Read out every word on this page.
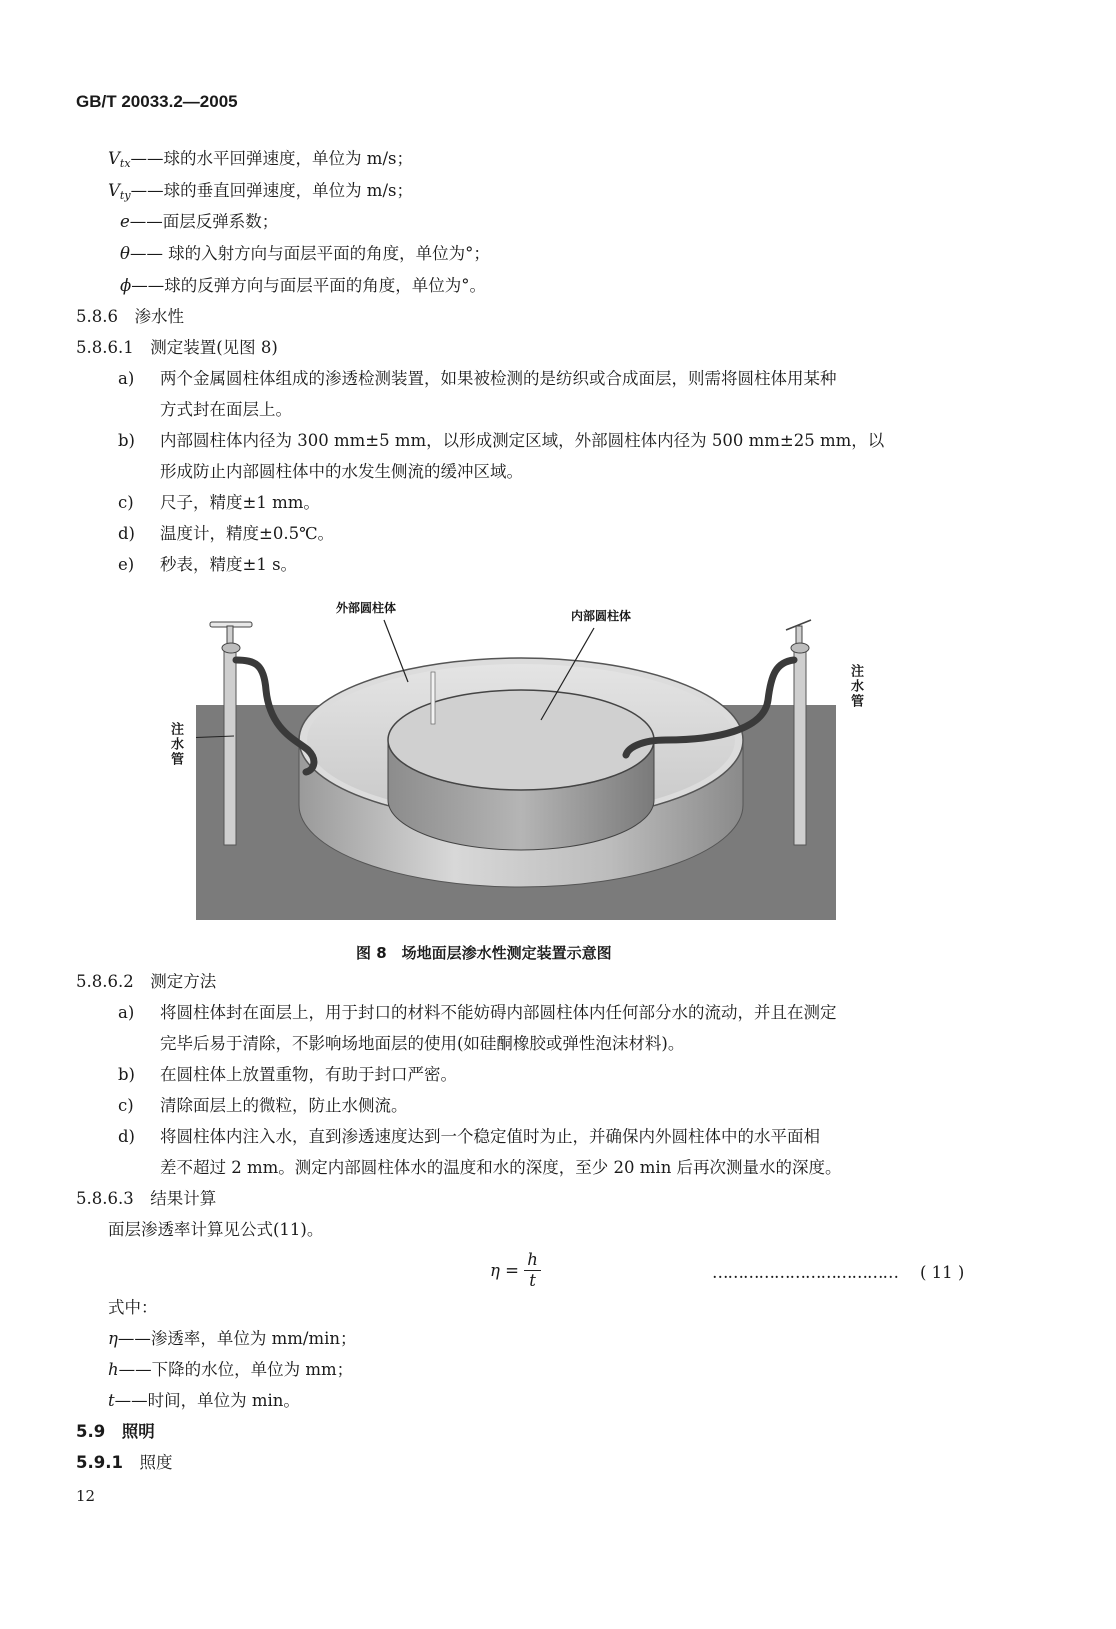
GB/T 20033.2—2005
$V_{tx}——$球的水平回弹速度，单位为 m/s；
$V_{ty}——$球的垂直回弹速度，单位为 m/s；
e——面层反弹系数；
θ—— 球的入射方向与面层平面的角度，单位为°；
ϕ——球的反弹方向与面层平面的角度，单位为°。
5.8.6　 渗水性
5.8.6.1　 测定装置(见图 8)
a) 两个金属圆柱体组成的渗透检测装置，如果被检测的是纺织或合成面层，则需将圆柱体用某种
方式封在面层上。
b) 内部圆柱体内径为 300 mm±5 mm，以形成测定区域，外部圆柱体内径为 500 mm±25 mm，以
形成防止内部圆柱体中的水发生侧流的缓冲区域。
c) 尺子，精度±1 mm。
d) 温度计，精度±0.5℃。
e) 秒表，精度±1 s。
外部圆柱体
内部圆柱体
注水管
注水管
图 8　场地面层渗水性测定装置示意图
5.8.6.2　 测定方法
a) 将圆柱体封在面层上，用于封口的材料不能妨碍内部圆柱体内任何部分水的流动，并且在测定
完毕后易于清除，不影响场地面层的使用(如硅酮橡胶或弹性泡沫材料)。
b) 在圆柱体上放置重物，有助于封口严密。
c) 清除面层上的微粒，防止水侧流。
d) 将圆柱体内注入水，直到渗透速度达到一个稳定值时为止，并确保内外圆柱体中的水平面相
差不超过 2 mm。测定内部圆柱体水的温度和水的深度，至少 20 min 后再次测量水的深度。
5.8.6.3　 结果计算
面层渗透率计算见公式(11)。
$\eta = \frac{h}{t}$	……………………………… ( 11 )
式中：
η——渗透率，单位为 mm/min；
h——下降的水位，单位为 mm；
t——时间，单位为 min。
5.9　 照明
5.9.1　 照度
12
